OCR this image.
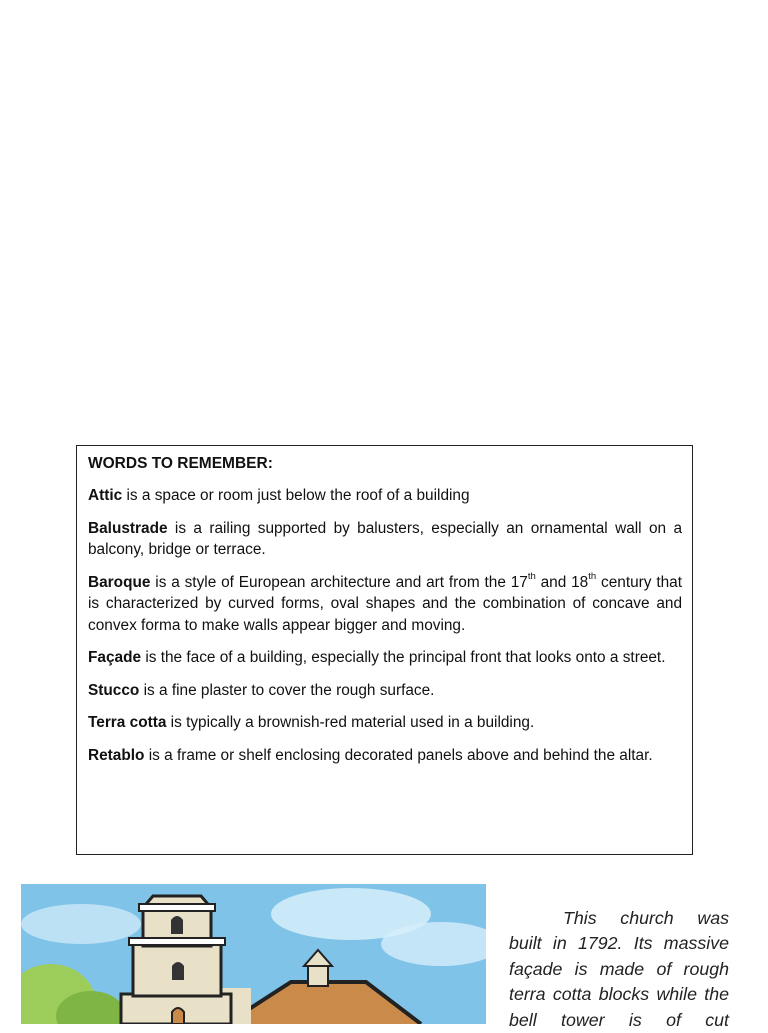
WORDS TO REMEMBER:

Attic is a space or room just below the roof of a building

Balustrade is a railing supported by balusters, especially an ornamental wall on a balcony, bridge or terrace.

Baroque is a style of European architecture and art from the 17th and 18th century that is characterized by curved forms, oval shapes and the combination of concave and convex forma to make walls appear bigger and moving.

Façade is the face of a building, especially the principal front that looks onto a street.

Stucco is a fine plaster to cover the rough surface.

Terra cotta is typically a brownish-red material used in a building.

Retablo is a frame or shelf enclosing decorated panels above and behind the altar.

This church was built in 1792. Its massive façade is made of rough terra cotta blocks while the bell tower is of cut
